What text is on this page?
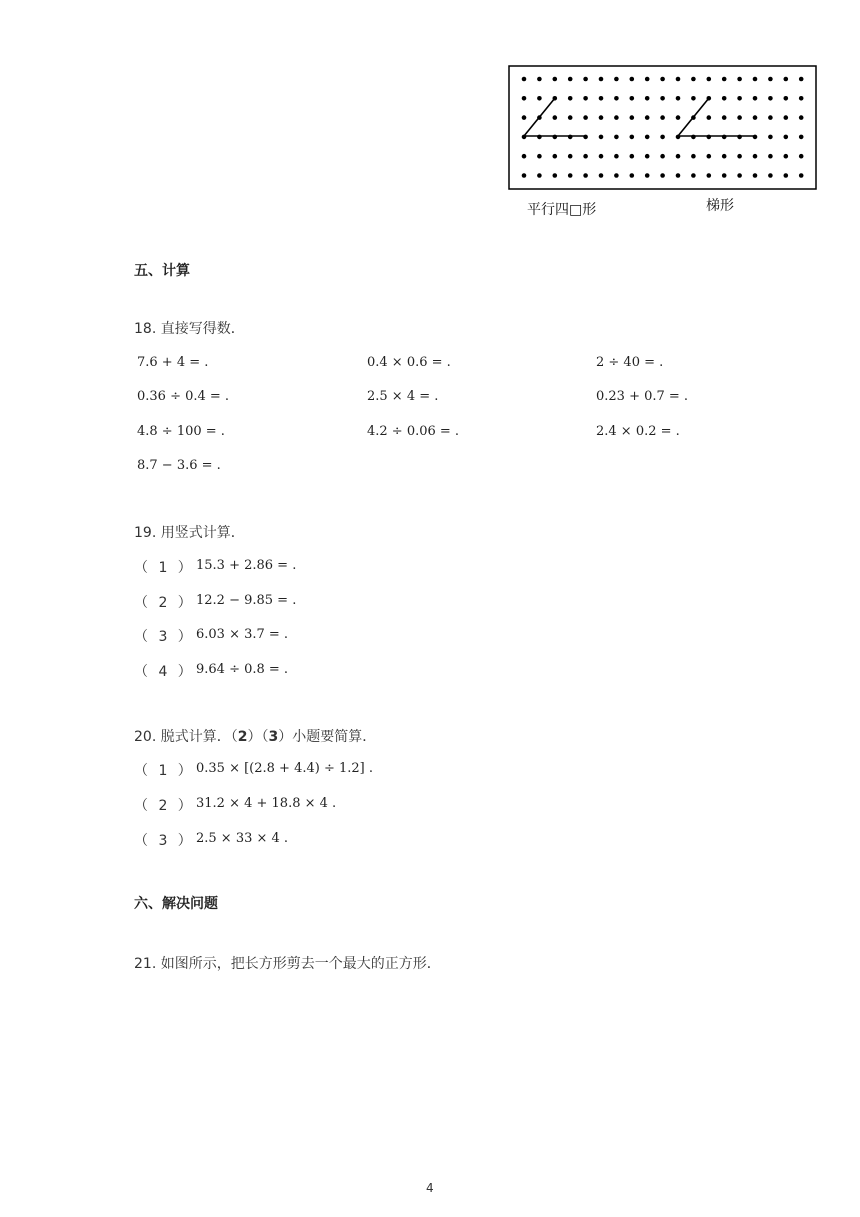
平行四□形	梯形
五、计算
18. 直接写得数．
7.6 + 4 = .	0.4 × 0.6 = .	2 ÷ 40 = .
0.36 ÷ 0.4 = .	2.5 × 4 = .	0.23 + 0.7 = .
4.8 ÷ 100 = .	4.2 ÷ 0.06 = .	2.4 × 0.2 = .
8.7 − 3.6 = .
19. 用竖式计算．
（ 1 ） 15.3 + 2.86 = .
（ 2 ） 12.2 − 9.85 = .
（ 3 ） 6.03 × 3.7 = .
（ 4 ） 9.64 ÷ 0.8 = .
20. 脱式计算．（2）（3）小题要简算．
（ 1 ） 0.35 × [(2.8 + 4.4) ÷ 1.2] .
（ 2 ） 31.2 × 4 + 18.8 × 4 .
（ 3 ） 2.5 × 33 × 4 .
六、解决问题
21. 如图所示，把长方形剪去一个最大的正方形．
4
